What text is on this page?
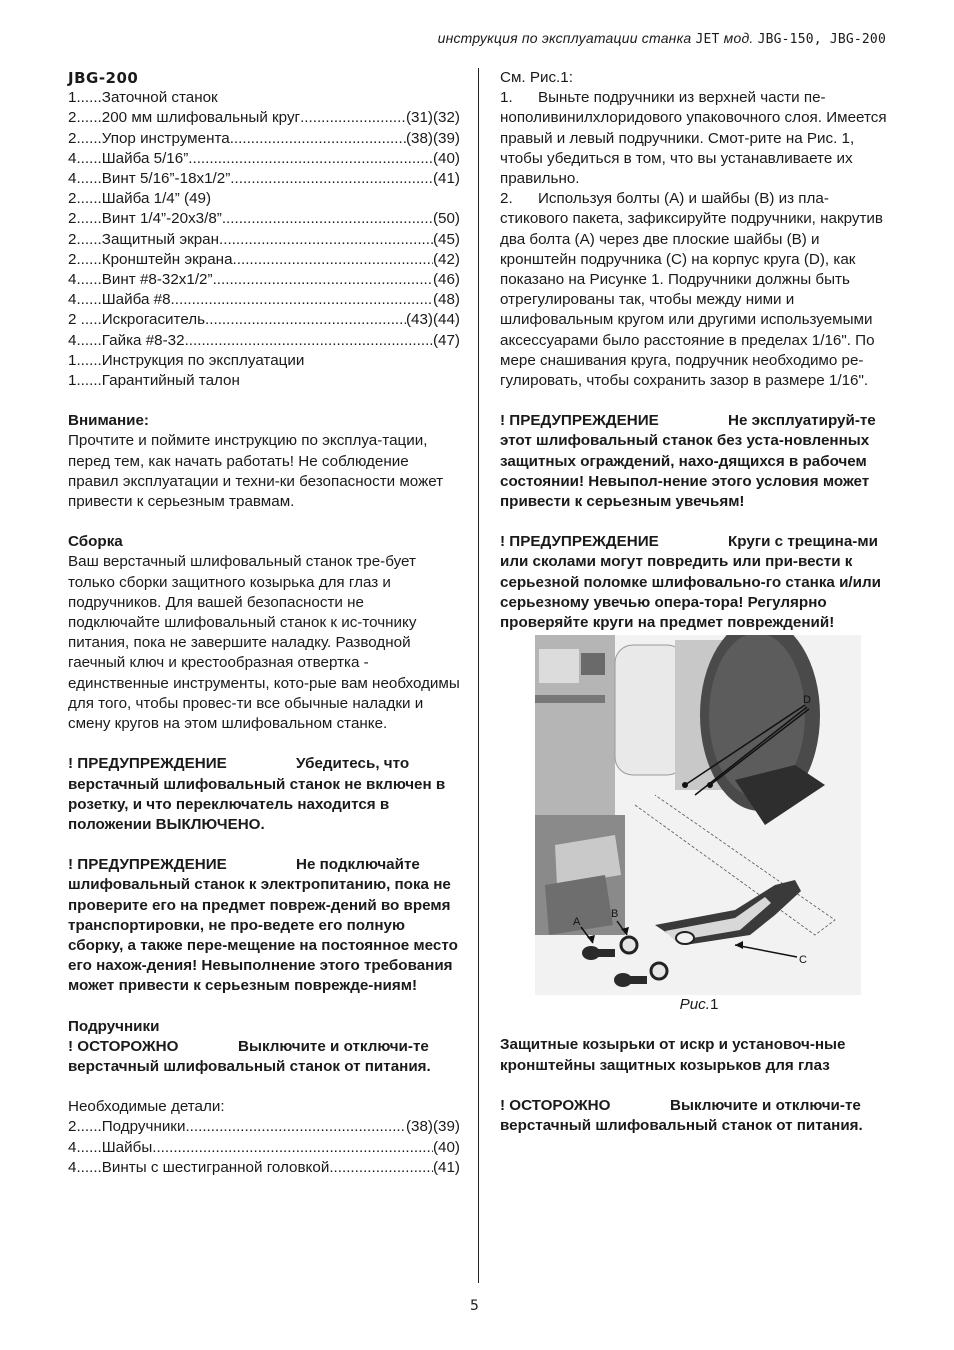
инструкция по эксплуатации станка JET мод. JBG-150, JBG-200

JBG-200

1...... Заточной станок
2...... 200 мм шлифовальный круг .....	(31)(32)
2...... Упор инструмента .....	(38)(39)
4...... Шайба 5/16” .....	(40)
4...... Винт 5/16”-18x1/2” .....	(41)
2...... Шайба 1/4” (49)
2...... Винт 1/4”-20x3/8” .....	(50)
2...... Защитный экран .....	(45)
2...... Кронштейн экрана .....	(42)
4...... Винт #8-32x1/2” .....	(46)
4...... Шайба #8 .....	(48)
2 ..... Искрогаситель .....	(43)(44)
4...... Гайка #8-32 .....	(47)
1...... Инструкция по эксплуатации
1...... Гарантийный талон

Внимание:

Прочтите и поймите инструкцию по эксплуа-тации, перед тем, как начать работать! Не соблюдение правил эксплуатации и техни-ки безопасности может привести к серьезным травмам.

Сборка

Ваш верстачный шлифовальный станок тре-бует только сборки защитного козырька для глаз и подручников. Для вашей безопасности не подключайте шлифовальный станок к ис-точнику питания, пока не завершите наладку. Разводной гаечный ключ и крестообразная отвертка - единственные инструменты, кото-рые вам необходимы для того, чтобы провес-ти все обычные наладки и смену кругов на этом шлифовальном станке.

! ПРЕДУПРЕЖДЕНИЕ	Убедитесь, что верстачный шлифовальный станок не включен в розетку, и что переключатель находится в положении ВЫКЛЮЧЕНО.

! ПРЕДУПРЕЖДЕНИЕ	Не подключайте шлифовальный станок к электропитанию, пока не проверите его на предмет повреж-дений во время транспортировки, не про-ведете его полную сборку, а также пере-мещение на постоянное место его нахож-дения! Невыполнение этого требования может привести к серьезным поврежде-ниям!

Подручники

! ОСТОРОЖНО	Выключите и отключи-те верстачный шлифовальный станок от питания.

Необходимые детали:

2...... Подручники .....	(38)(39)
4...... Шайбы .....	(40)
4...... Винты с шестигранной головкой .....	(41)

См. Рис.1:

1. Выньте подручники из верхней части пе-нополивинилхлоридового упаковочного слоя. Имеется правый и левый подручники. Смот-рите на Рис. 1, чтобы убедиться в том, что вы устанавливаете их правильно.

2. Используя болты (A) и шайбы (B) из пла-стикового пакета, зафиксируйте подручники, накрутив два болта (A) через две плоские шайбы (B) и кронштейн подручника (C) на корпус круга (D), как показано на Рисунке 1. Подручники должны быть отрегулированы так, чтобы между ними и шлифовальным кругом или другими используемыми аксессуарами было расстояние в пределах 1/16". По мере снашивания круга, подручник необходимо ре-гулировать, чтобы сохранить зазор в размере 1/16".

! ПРЕДУПРЕЖДЕНИЕ	Не эксплуатируй-те этот шлифовальный станок без уста-новленных защитных ограждений, нахо-дящихся в рабочем состоянии! Невыпол-нение этого условия может привести к серьезным увечьям!

! ПРЕДУПРЕЖДЕНИЕ	Круги с трещина-ми или сколами могут повредить или при-вести к серьезной поломке шлифовально-го станка и/или серьезному увечью опера-тора! Регулярно проверяйте круги на предмет повреждений!

A
B
C
D

Рис.1

Защитные козырьки от искр и установоч-ные кронштейны защитных козырьков для глаз

! ОСТОРОЖНО	Выключите и отключи-те верстачный шлифовальный станок от питания.

5
